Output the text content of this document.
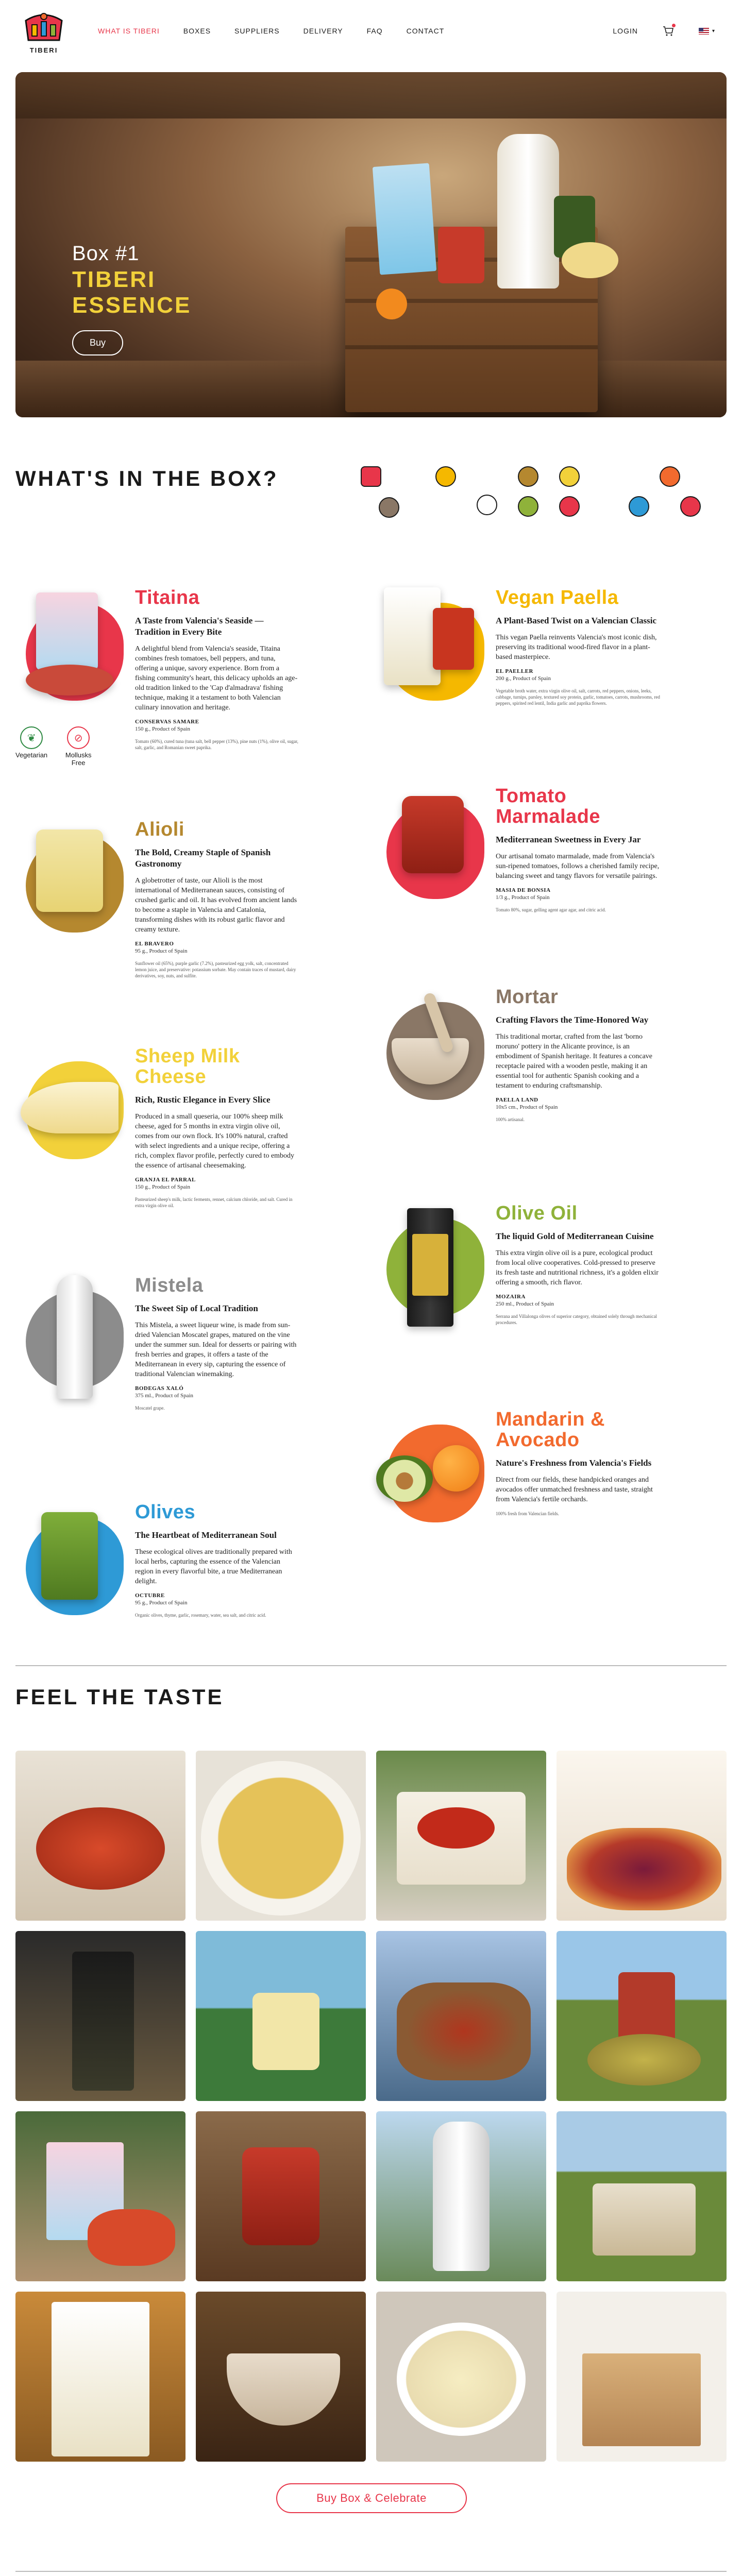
TIBERI
WHAT IS TIBERI	BOXES	SUPPLIERS	DELIVERY	FAQ	CONTACT	LOGIN	▾
Box #1
TIBERI
ESSENCE
Buy
WHAT'S IN THE BOX?
❦
Vegetarian
⊘
Mollusks Free
Titaina
A Taste from Valencia's Seaside — Tradition in Every Bite
A delightful blend from Valencia's seaside, Titaina combines fresh tomatoes, bell peppers, and tuna, offering a unique, savory experience. Born from a fishing community's heart, this delicacy upholds an age-old tradition linked to the 'Cap d'almadrava' fishing technique, making it a testament to both Valencian culinary innovation and heritage.
CONSERVAS SAMARE
150 g., Product of Spain
Tomato (60%), cured tuna (tuna salt, bell pepper (13%), pine nuts (1%), olive oil, sugar, salt, garlic, and Romanian sweet paprika.
Alioli
The Bold, Creamy Staple of Spanish Gastronomy
A globetrotter of taste, our Alioli is the most international of Mediterranean sauces, consisting of crushed garlic and oil. It has evolved from ancient lands to become a staple in Valencia and Catalonia, transforming dishes with its robust garlic flavor and creamy texture.
EL BRAVERO
95 g., Product of Spain
Sunflower oil (65%), purple garlic (7.2%), pasteurized egg yolk, salt, concentrated lemon juice, and preservative: potassium sorbate. May contain traces of mustard, dairy derivatives, soy, nuts, and sulfite.
Sheep Milk Cheese
Rich, Rustic Elegance in Every Slice
Produced in a small queseria, our 100% sheep milk cheese, aged for 5 months in extra virgin olive oil, comes from our own flock. It's 100% natural, crafted with select ingredients and a unique recipe, offering a rich, complex flavor profile, perfectly cured to embody the essence of artisanal cheesemaking.
GRANJA EL PARRAL
150 g., Product of Spain
Pasteurized sheep's milk, lactic ferments, rennet, calcium chloride, and salt. Cured in extra virgin olive oil.
Mistela
The Sweet Sip of Local Tradition
This Mistela, a sweet liqueur wine, is made from sun-dried Valencian Moscatel grapes, matured on the vine under the summer sun. Ideal for desserts or pairing with fresh berries and grapes, it offers a taste of the Mediterranean in every sip, capturing the essence of traditional Valencian winemaking.
BODEGAS XALÓ
375 ml., Product of Spain
Moscatel grape.
Olives
The Heartbeat of Mediterranean Soul
These ecological olives are traditionally prepared with local herbs, capturing the essence of the Valencian region in every flavorful bite, a true Mediterranean delight.
OCTUBRE
95 g., Product of Spain
Organic olives, thyme, garlic, rosemary, water, sea salt, and citric acid.
Vegan Paella
A Plant-Based Twist on a Valencian Classic
This vegan Paella reinvents Valencia's most iconic dish, preserving its traditional wood-fired flavor in a plant-based masterpiece.
EL PAELLER
200 g., Product of Spain
Vegetable broth water, extra virgin olive oil, salt, carrots, red peppers, onions, leeks, cabbage, turnips, parsley, textured soy protein, garlic, tomatoes, carrots, mushrooms, red peppers, spirited red lentil, India garlic and paprika flowers.
Tomato Marmalade
Mediterranean Sweetness in Every Jar
Our artisanal tomato marmalade, made from Valencia's sun-ripened tomatoes, follows a cherished family recipe, balancing sweet and tangy flavors for versatile pairings.
MASIA DE BONSIA
1/3 g., Product of Spain
Tomato 80%, sugar, gelling agent agar agar, and citric acid.
Mortar
Crafting Flavors the Time-Honored Way
This traditional mortar, crafted from the last 'borno moruno' pottery in the Alicante province, is an embodiment of Spanish heritage. It features a concave receptacle paired with a wooden pestle, making it an essential tool for authentic Spanish cooking and a testament to enduring craftsmanship.
PAELLA LAND
10x5 cm., Product of Spain
100% artisanal.
Olive Oil
The liquid Gold of Mediterranean Cuisine
This extra virgin olive oil is a pure, ecological product from local olive cooperatives. Cold-pressed to preserve its fresh taste and nutritional richness, it's a golden elixir offering a smooth, rich flavor.
MOZAIRA
250 ml., Product of Spain
Serrana and Villalonga olives of superior category, obtained solely through mechanical procedures.
Mandarin & Avocado
Nature's Freshness from Valencia's Fields
Direct from our fields, these handpicked oranges and avocados offer unmatched freshness and taste, straight from Valencia's fertile orchards.
100% fresh from Valencian fields.
FEEL THE TASTE
Buy Box & Celebrate
